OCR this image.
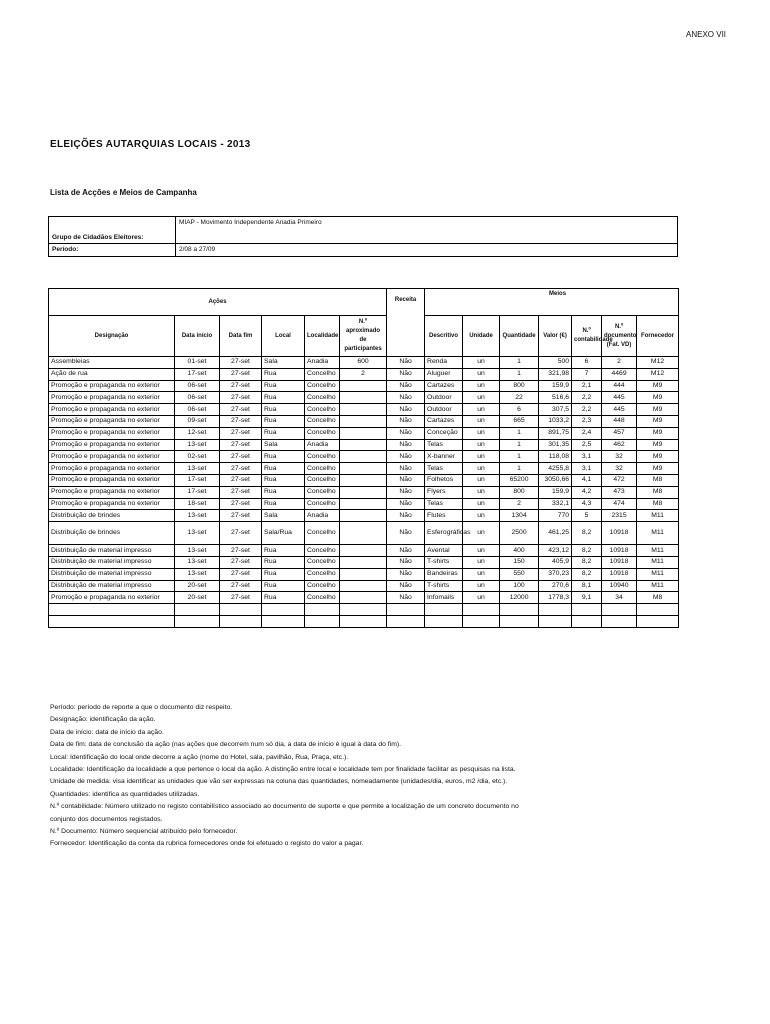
ANEXO VII
ELEIÇÕES AUTARQUIAS LOCAIS - 2013
Lista de Acções e Meios de Campanha
Grupo de Cidadãos Eleitores:
MIAP - Movimento Independente Anadia Primeiro
Período:	2/08 a 27/09
Ações						Receita	Meios						
Designação	Data início	Data fim	Local	Localidade	N.º aproximado de participantes		Descritivo	Unidade	Quantidade	Valor (€)	N.º contabilidade	N.º documento (Fat. VD)	Fornecedor
Assembleias	01-set	27-set	Sala	Anadia	600	Não	Renda	un	1	500	6	2	M12
Ação de rua	17-set	27-set	Rua	Concelho	2	Não	Aluguer	un	1	321,98	7	4469	M12
Promoção e propaganda no exterior	06-set	27-set	Rua	Concelho		Não	Cartazes	un	800	159,9	2,1	444	M9
Promoção e propaganda no exterior	06-set	27-set	Rua	Concelho		Não	Outdoor	un	22	516,6	2,2	445	M9
Promoção e propaganda no exterior	06-set	27-set	Rua	Concelho		Não	Outdoor	un	6	307,5	2,2	445	M9
Promoção e propaganda no exterior	09-set	27-set	Rua	Concelho		Não	Cartazes	un	665	1033,2	2,3	448	M9
Promoção e propaganda no exterior	12-set	27-set	Rua	Concelho		Não	Conceção	un	1	891,75	2,4	457	M9
Promoção e propaganda no exterior	13-set	27-set	Sala	Anadia		Não	Telas	un	1	301,35	2,5	462	M9
Promoção e propaganda no exterior	02-set	27-set	Rua	Concelho		Não	X-banner	un	1	118,08	3,1	32	M9
Promoção e propaganda no exterior	13-set	27-set	Rua	Concelho		Não	Telas	un	1	4255,8	3,1	32	M9
Promoção e propaganda no exterior	17-set	27-set	Rua	Concelho		Não	Folhetos	un	65200	3050,66	4,1	472	M8
Promoção e propaganda no exterior	17-set	27-set	Rua	Concelho		Não	Flyers	un	800	159,9	4,2	473	M8
Promoção e propaganda no exterior	18-set	27-set	Rua	Concelho		Não	Telas	un	2	332,1	4,3	474	M8
Distribuição de brindes	13-set	27-set	Sala	Anadia		Não	Flutes	un	1304	770	5	2315	M11
Distribuição de brindes	13-set	27-set	Sala/Rua	Concelho		Não	Esferográficas	un	2500	461,25	8,2	10918	M11
Distribuição de material impresso	13-set	27-set	Rua	Concelho		Não	Avental	un	400	423,12	8,2	10918	M11
Distribuição de material impresso	13-set	27-set	Rua	Concelho		Não	T-shirts	un	150	405,9	8,2	10918	M11
Distribuição de material impresso	13-set	27-set	Rua	Concelho		Não	Bandeiras	un	550	370,23	8,2	10918	M11
Distribuição de material impresso	20-set	27-set	Rua	Concelho		Não	T-shirts	un	100	270,6	8,1	10940	M11
Promoção e propaganda no exterior	20-set	27-set	Rua	Concelho		Não	Infomails	un	12000	1778,3	9,1	34	M8

Período: período de reporte a que o documento diz respeito.
Designação: identificação da ação.
Data de início: data de início da ação.
Data de fim: data de conclusão da ação (nas ações que decorrem num só dia, a data de início é igual à data do fim).
Local: Identificação do local onde decorre a ação (nome do Hotel, sala, pavilhão, Rua, Praça, etc.).
Localidade: Identificação da localidade a que pertence o local da ação. A distinção entre local e localidade tem por finalidade facilitar as pesquisas na lista.
Unidade de medida: visa identificar as unidades que vão ser expressas na coluna das quantidades, nomeadamente (unidades/dia, euros, m2 /dia, etc.).
Quantidades: identifica as quantidades utilizadas.
N.º contabilidade: Número utilizado no registo contabilístico associado ao documento de suporte e que permite a localização de um concreto documento no
conjunto dos documentos registados.
N.º Documento: Número sequencial atribuído pelo fornecedor.
Fornecedor: Identificação da conta da rubrica fornecedores onde foi efetuado o registo do valor a pagar.
